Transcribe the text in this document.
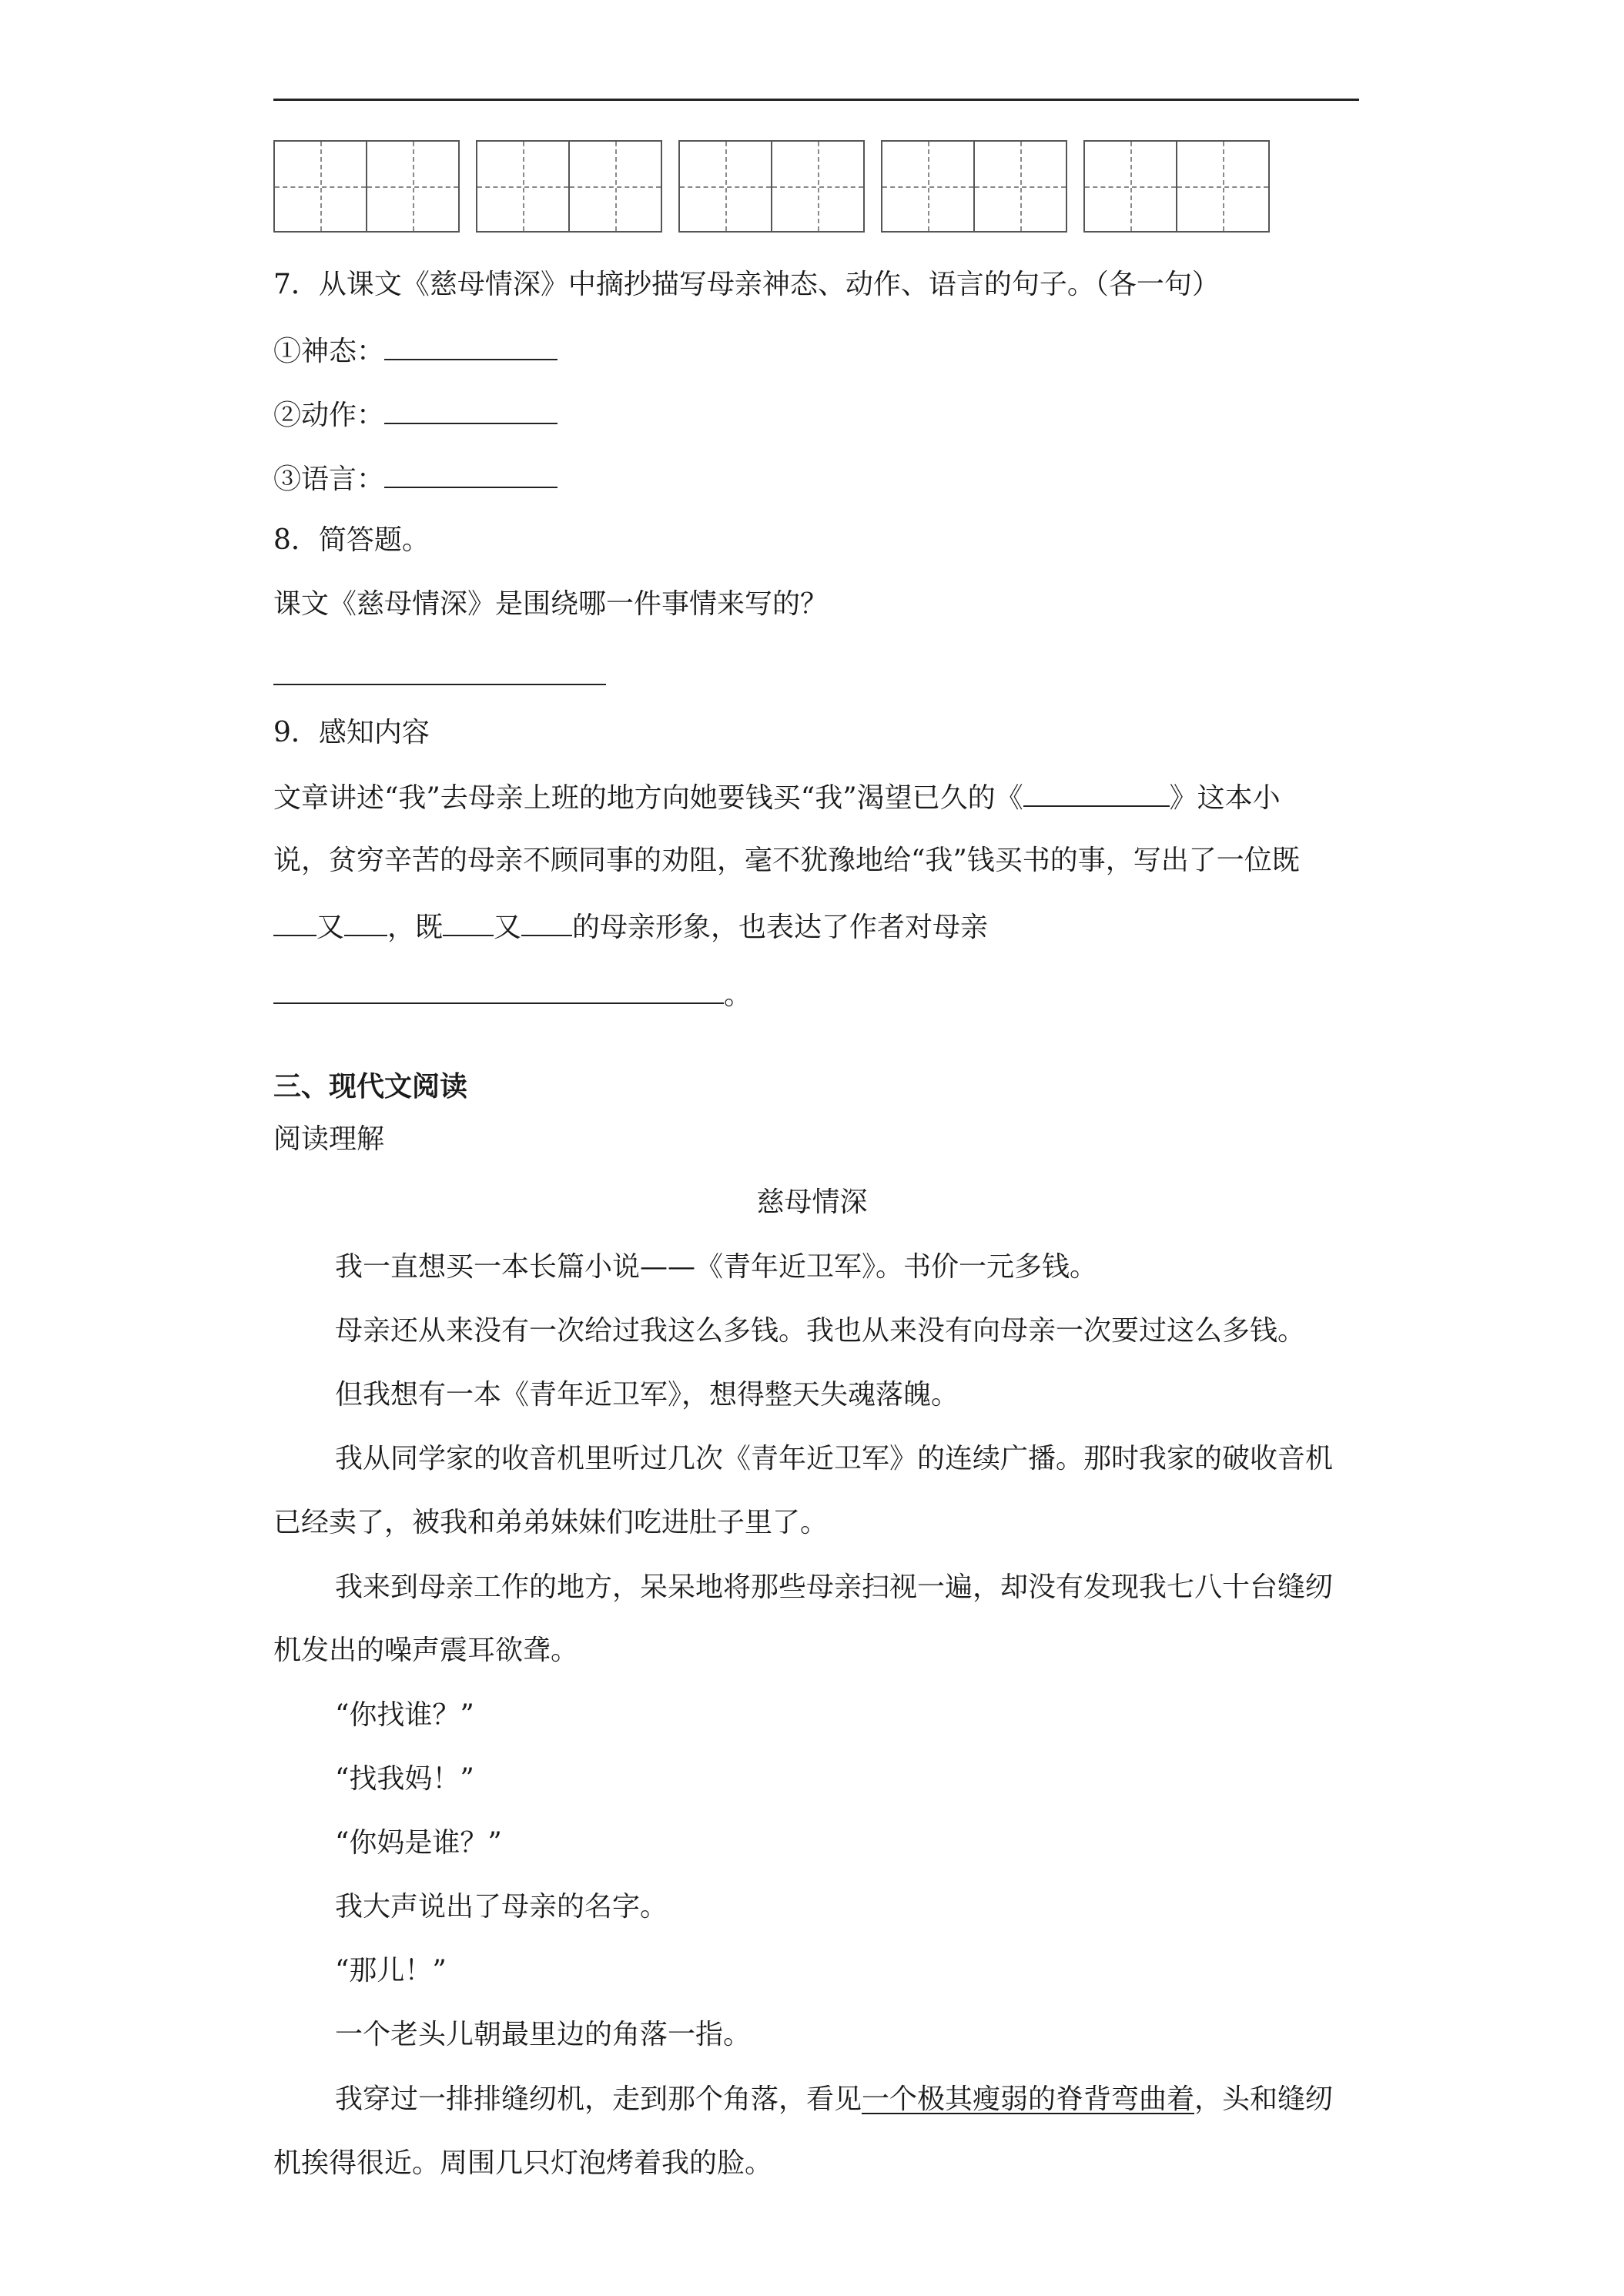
7．从课文《慈母情深》中摘抄描写母亲神态、动作、语言的句子。（各一句）
①神态：
②动作：
③语言：
8．简答题。
课文《慈母情深》是围绕哪一件事情来写的？
9．感知内容
文章讲述“我”去母亲上班的地方向她要钱买“我”渴望已久的《	》这本小
说，贫穷辛苦的母亲不顾同事的劝阻，毫不犹豫地给“我”钱买书的事，写出了一位既
又 ，既 又 的母亲形象，也表达了作者对母亲
。
三、现代文阅读
阅读理解
慈母情深
我一直想买一本长篇小说——《青年近卫军》。书价一元多钱。
母亲还从来没有一次给过我这么多钱。我也从来没有向母亲一次要过这么多钱。
但我想有一本《青年近卫军》，想得整天失魂落魄。
我从同学家的收音机里听过几次《青年近卫军》的连续广播。那时我家的破收音机
已经卖了，被我和弟弟妹妹们吃进肚子里了。
我来到母亲工作的地方，呆呆地将那些母亲扫视一遍，却没有发现我七八十台缝纫
机发出的噪声震耳欲聋。
“你找谁？”
“找我妈！”
“你妈是谁？”
我大声说出了母亲的名字。
“那儿！”
一个老头儿朝最里边的角落一指。
我穿过一排排缝纫机，走到那个角落，看见一个极其瘦弱的脊背弯曲着，头和缝纫
机挨得很近。周围几只灯泡烤着我的脸。
